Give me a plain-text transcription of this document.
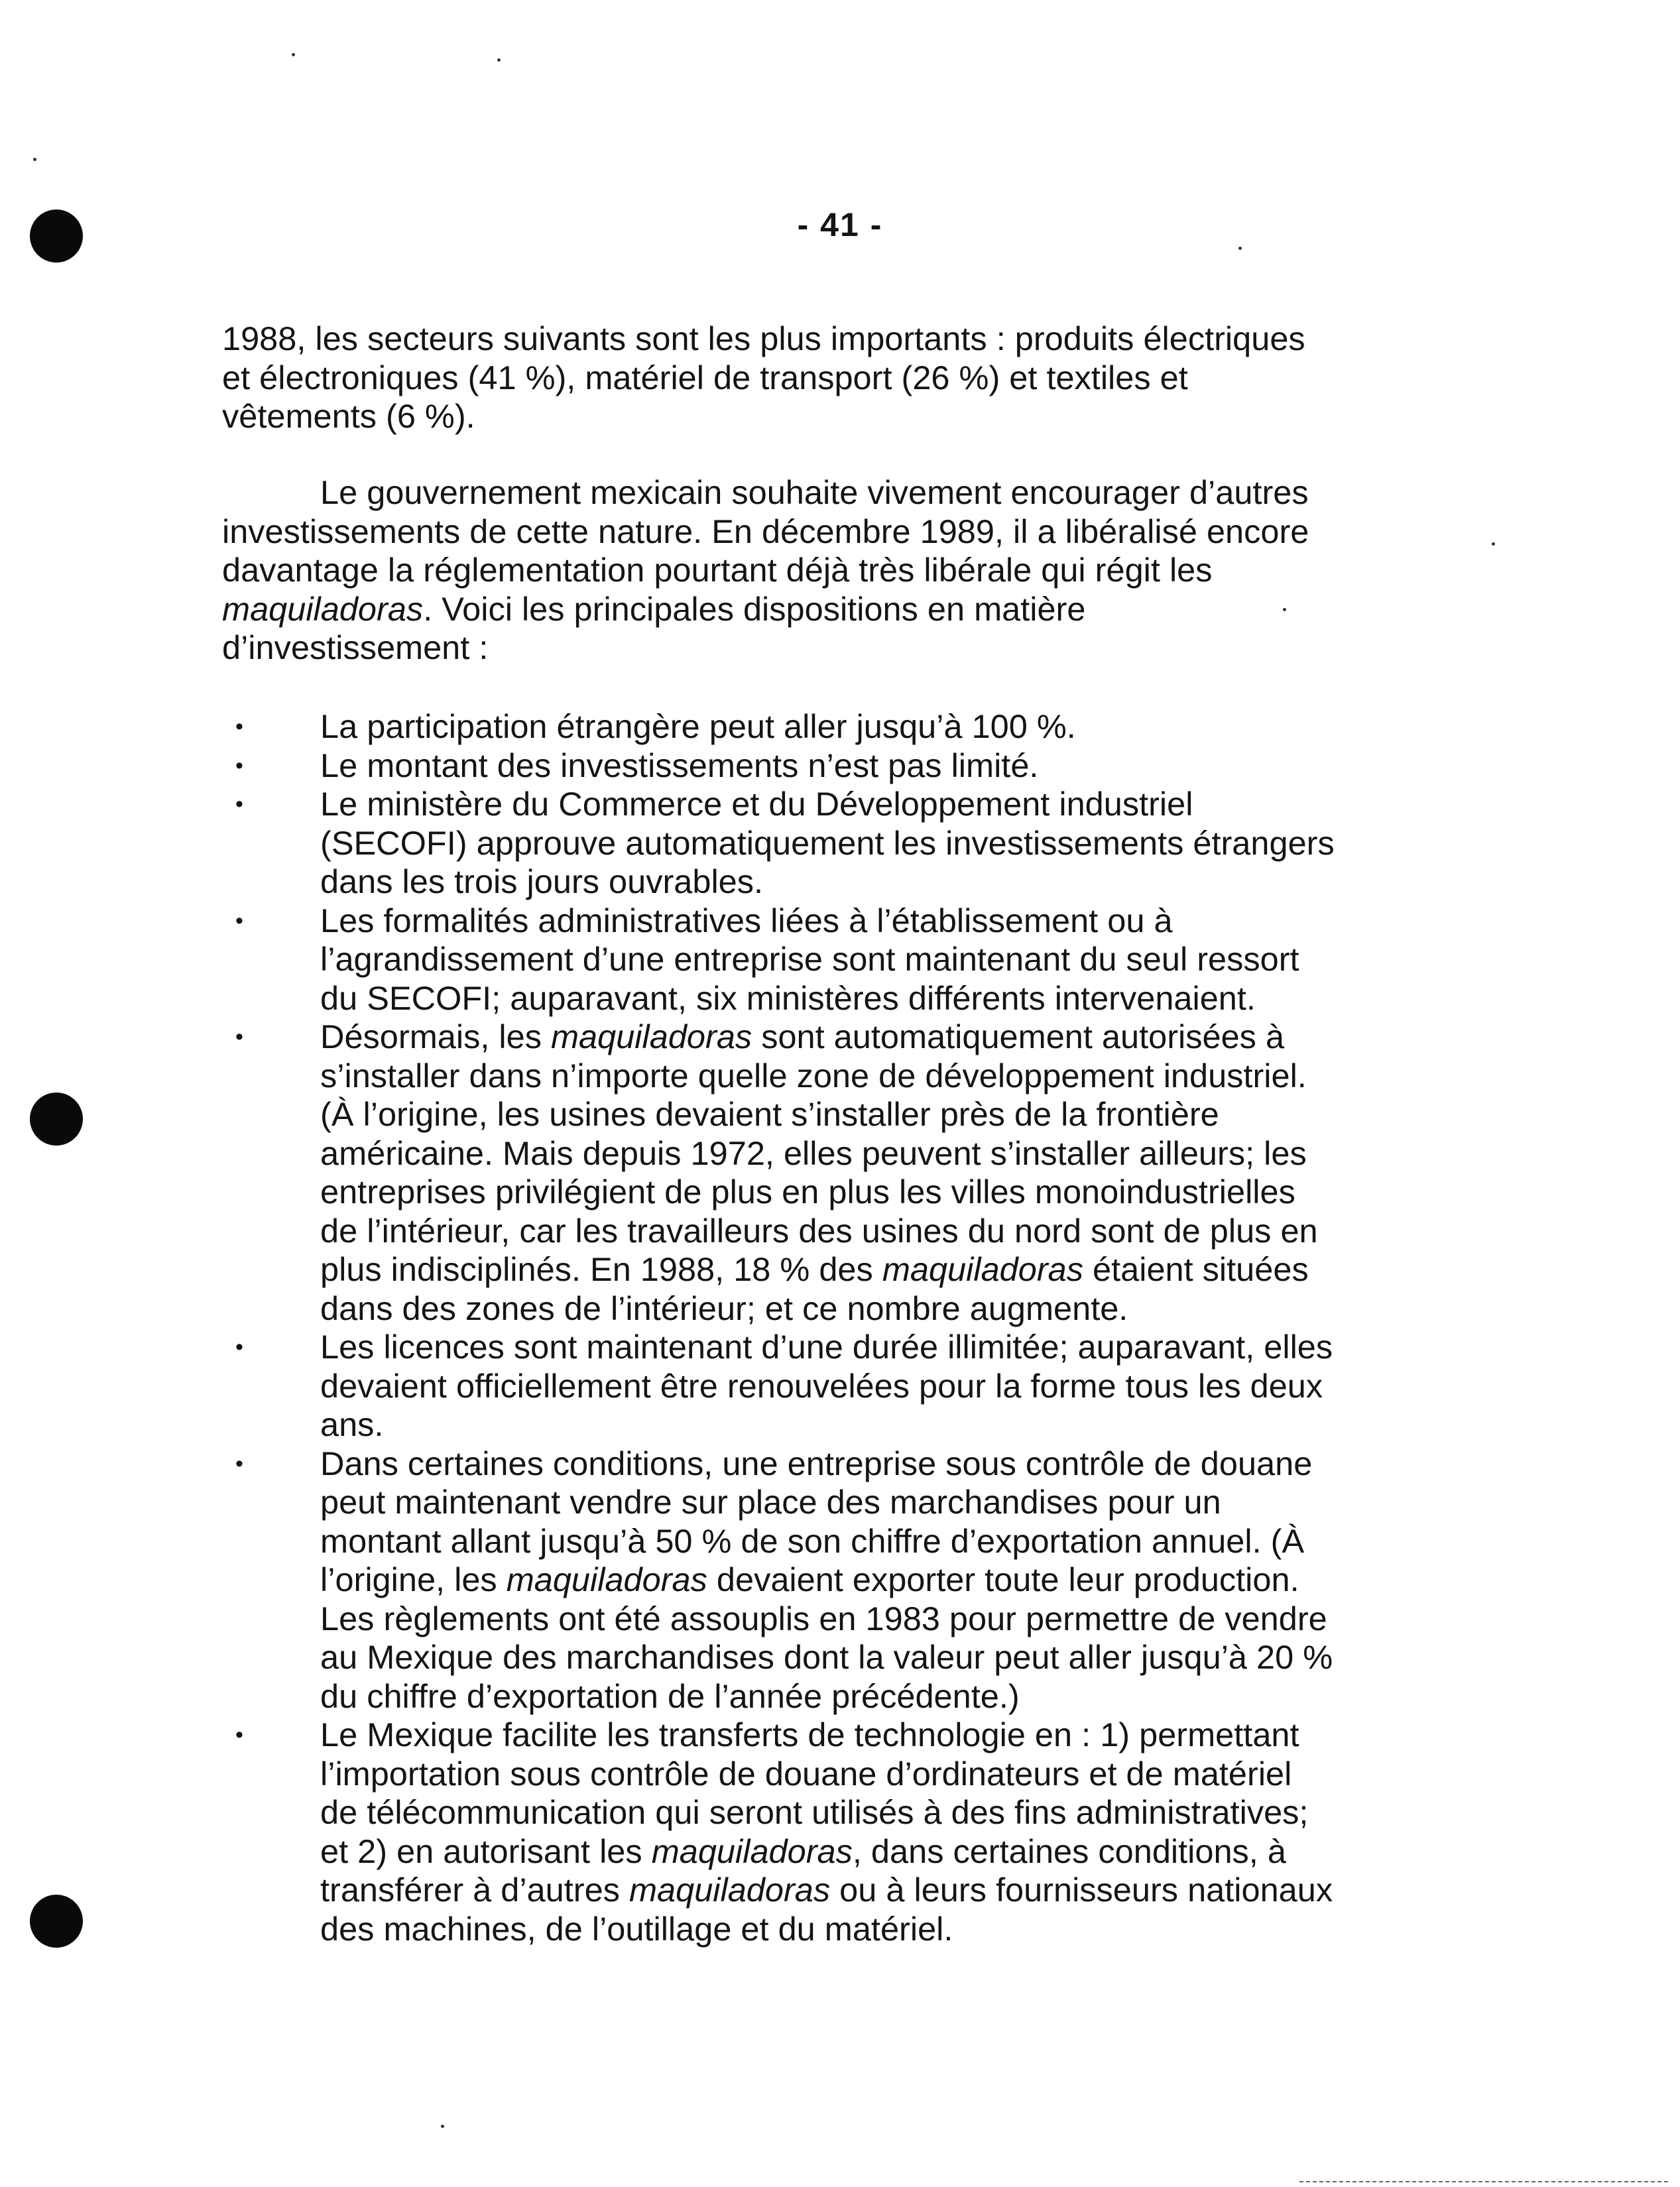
- 41 -

1988, les secteurs suivants sont les plus importants : produits électriques
et électroniques (41 %), matériel de transport (26 %) et textiles et
vêtements (6 %).

Le gouvernement mexicain souhaite vivement encourager d’autres
investissements de cette nature. En décembre 1989, il a libéralisé encore
davantage la réglementation pourtant déjà très libérale qui régit les
maquiladoras. Voici les principales dispositions en matière
d’investissement :

• La participation étrangère peut aller jusqu’à 100 %.
• Le montant des investissements n’est pas limité.
• Le ministère du Commerce et du Développement industriel
(SECOFI) approuve automatiquement les investissements étrangers
dans les trois jours ouvrables.
• Les formalités administratives liées à l’établissement ou à
l’agrandissement d’une entreprise sont maintenant du seul ressort
du SECOFI; auparavant, six ministères différents intervenaient.
• Désormais, les maquiladoras sont automatiquement autorisées à
s’installer dans n’importe quelle zone de développement industriel.
(À l’origine, les usines devaient s’installer près de la frontière
américaine. Mais depuis 1972, elles peuvent s’installer ailleurs; les
entreprises privilégient de plus en plus les villes monoindustrielles
de l’intérieur, car les travailleurs des usines du nord sont de plus en
plus indisciplinés. En 1988, 18 % des maquiladoras étaient situées
dans des zones de l’intérieur; et ce nombre augmente.
• Les licences sont maintenant d’une durée illimitée; auparavant, elles
devaient officiellement être renouvelées pour la forme tous les deux
ans.
• Dans certaines conditions, une entreprise sous contrôle de douane
peut maintenant vendre sur place des marchandises pour un
montant allant jusqu’à 50 % de son chiffre d’exportation annuel. (À
l’origine, les maquiladoras devaient exporter toute leur production.
Les règlements ont été assouplis en 1983 pour permettre de vendre
au Mexique des marchandises dont la valeur peut aller jusqu’à 20 %
du chiffre d’exportation de l’année précédente.)
• Le Mexique facilite les transferts de technologie en : 1) permettant
l’importation sous contrôle de douane d’ordinateurs et de matériel
de télécommunication qui seront utilisés à des fins administratives;
et 2) en autorisant les maquiladoras, dans certaines conditions, à
transférer à d’autres maquiladoras ou à leurs fournisseurs nationaux
des machines, de l’outillage et du matériel.
